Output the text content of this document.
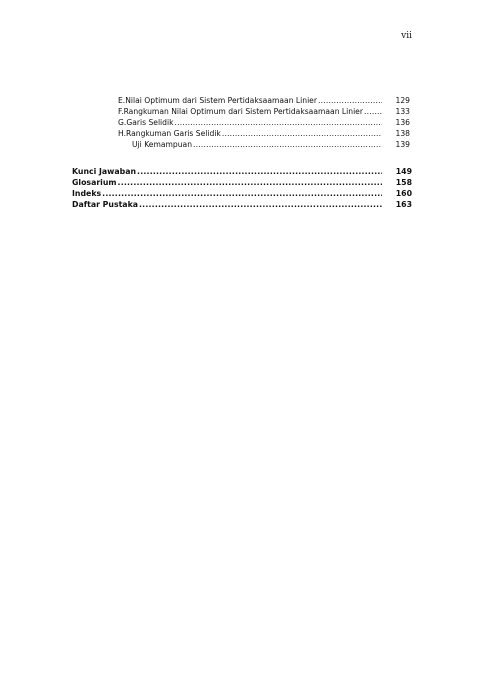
vii
E. Nilai Optimum dari Sistem Pertidaksaamaan Linier .....	129
F. Rangkuman Nilai Optimum dari Sistem Pertidaksaamaan Linier .....	133
G. Garis Selidik .....	136
H. Rangkuman Garis Selidik .....	138
Uji Kemampuan .....	139
Kunci Jawaban .....	149
Glosarium .....	158
Indeks .....	160
Daftar Pustaka .....	163
